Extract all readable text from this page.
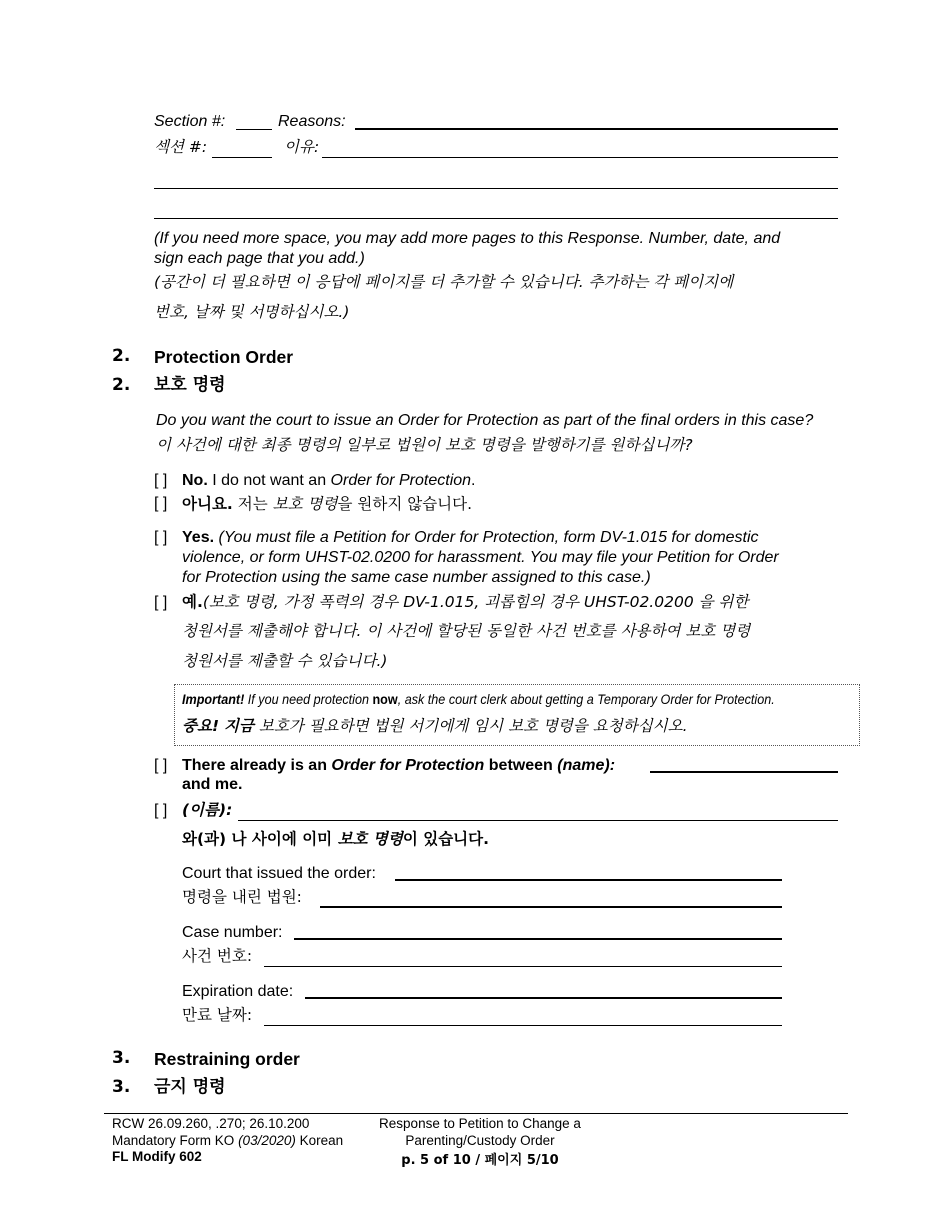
Section #:	Reasons:
섹션 #:	이유:
(If you need more space, you may add more pages to this Response. Number, date, and
sign each page that you add.)
(공간이 더 필요하면 이 응답에 페이지를 더 추가할 수 있습니다. 추가하는 각 페이지에
번호, 날짜 및 서명하십시오.)
2. Protection Order
2. 보호 명령
Do you want the court to issue an Order for Protection as part of the final orders in this case?
이 사건에 대한 최종 명령의 일부로 법원이 보호 명령을 발행하기를 원하십니까?
[ ] No. I do not want an Order for Protection.
[ ] 아니요. 저는 보호 명령을 원하지 않습니다.
[ ] Yes. (You must file a Petition for Order for Protection, form DV-1.015 for domestic
violence, or form UHST-02.0200 for harassment. You may file your Petition for Order
for Protection using the same case number assigned to this case.)
[ ] 예.(보호 명령, 가정 폭력의 경우 DV-1.015, 괴롭힘의 경우 UHST-02.0200 을 위한
청원서를 제출해야 합니다. 이 사건에 할당된 동일한 사건 번호를 사용하여 보호 명령
청원서를 제출할 수 있습니다.)
Important! If you need protection now, ask the court clerk about getting a Temporary Order for Protection.
중요! 지금 보호가 필요하면 법원 서기에게 임시 보호 명령을 요청하십시오.
[ ] There already is an Order for Protection between (name):
and me.
[ ] (이름):
와(과) 나 사이에 이미 보호 명령이 있습니다.
Court that issued the order:
명령을 내린 법원:
Case number:
사건 번호:
Expiration date:
만료 날짜:
3. Restraining order
3. 금지 명령
RCW 26.09.260, .270; 26.10.200
Mandatory Form KO (03/2020) Korean
FL Modify 602
Response to Petition to Change a
Parenting/Custody Order
p. 5 of 10 / 페이지 5/10
